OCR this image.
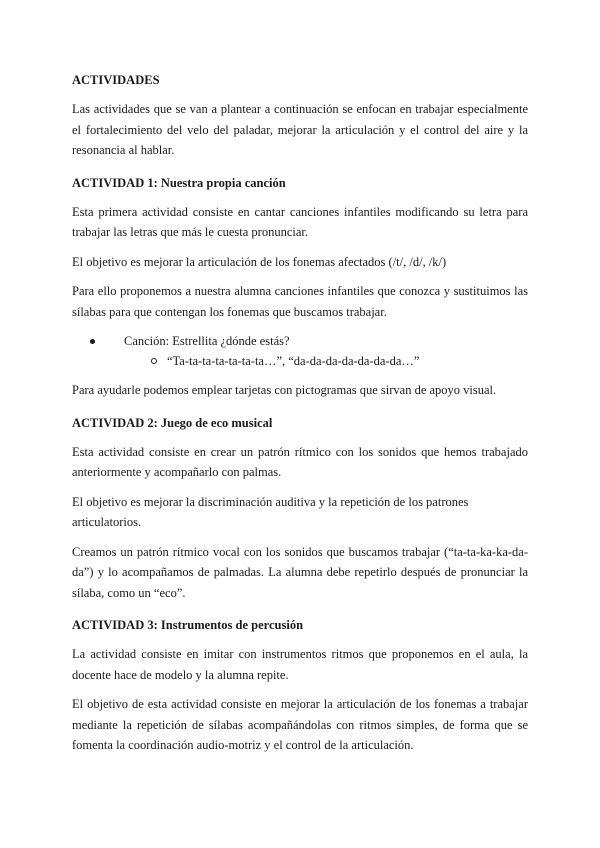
ACTIVIDADES

Las actividades que se van a plantear a continuación se enfocan en trabajar especialmente el fortalecimiento del velo del paladar, mejorar la articulación y el control del aire y la resonancia al hablar.

ACTIVIDAD 1: Nuestra propia canción

Esta primera actividad consiste en cantar canciones infantiles modificando su letra para trabajar las letras que más le cuesta pronunciar.

El objetivo es mejorar la articulación de los fonemas afectados (/t/, /d/, /k/)

Para ello proponemos a nuestra alumna canciones infantiles que conozca y sustituimos las sílabas para que contengan los fonemas que buscamos trabajar.

Canción: Estrellita ¿dónde estás?
“Ta-ta-ta-ta-ta-ta-ta…”, “da-da-da-da-da-da-da…”

Para ayudarle podemos emplear tarjetas con pictogramas que sirvan de apoyo visual.

ACTIVIDAD 2: Juego de eco musical

Esta actividad consiste en crear un patrón rítmico con los sonidos que hemos trabajado anteriormente y acompañarlo con palmas.

El objetivo es mejorar la discriminación auditiva y la repetición de los patrones articulatorios.

Creamos un patrón rítmico vocal con los sonidos que buscamos trabajar (“ta-ta-ka-ka-da-da”) y lo acompañamos de palmadas. La alumna debe repetirlo después de pronunciar la sílaba, como un “eco”.

ACTIVIDAD 3: Instrumentos de percusión

La actividad consiste en imitar con instrumentos ritmos que proponemos en el aula, la docente hace de modelo y la alumna repite.

El objetivo de esta actividad consiste en mejorar la articulación de los fonemas a trabajar mediante la repetición de sílabas acompañándolas con ritmos simples, de forma que se fomenta la coordinación audio-motriz y el control de la articulación.
